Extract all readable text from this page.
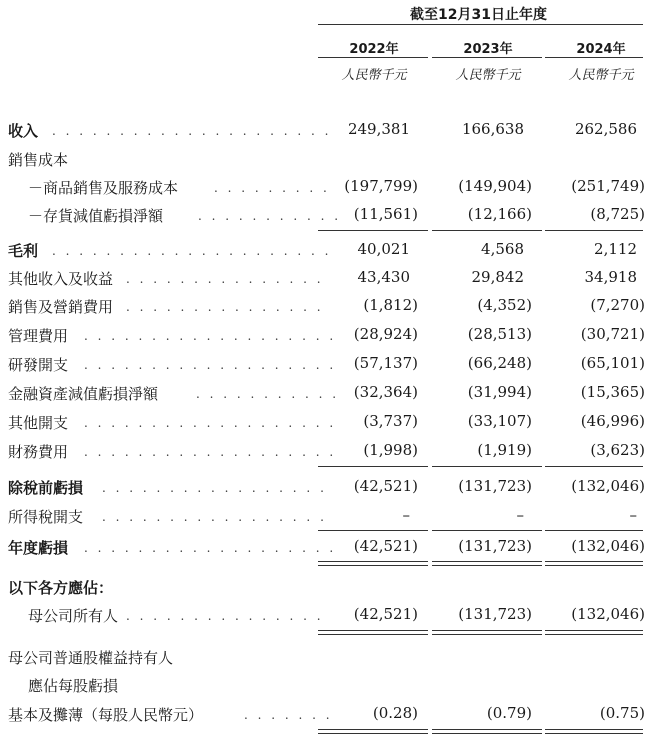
截至12月31日止年度
2022年	2023年	2024年
人民幣千元	人民幣千元	人民幣千元
收入 . . . . . . . . . . . . . . . . . . . . .	249,381	166,638	262,586
銷售成本
－商品銷售及服務成本	. . . . . . . . . (197,799)	(149,904)	(251,749)
－存貨減值虧損淨額	. . . . . . . . . . . (11,561)	(12,166)	(8,725)
毛利 . . . . . . . . . . . . . . . . . . . . .	40,021	4,568	2,112
其他收入及收益 . . . . . . . . . . . . . . .	43,430	29,842	34,918
銷售及營銷費用 . . . . . . . . . . . . . . .	(1,812)	(4,352)	(7,270)
管理費用 . . . . . . . . . . . . . . . . . . .	(28,924)	(28,513)	(30,721)
研發開支 . . . . . . . . . . . . . . . . . . .	(57,137)	(66,248)	(65,101)
金融資產減值虧損淨額	. . . . . . . . . . . (32,364)	(31,994)	(15,365)
其他開支 . . . . . . . . . . . . . . . . . . .	(3,737)	(33,107)	(46,996)
財務費用 . . . . . . . . . . . . . . . . . . .	(1,998)	(1,919)	(3,623)
除稅前虧損 . . . . . . . . . . . . . . . . .	(42,521)	(131,723)	(132,046)
所得稅開支 . . . . . . . . . . . . . . . . .	–	–	–
年度虧損 . . . . . . . . . . . . . . . . . . .	(42,521)	(131,723)	(132,046)
以下各方應佔：
母公司所有人 . . . . . . . . . . . . . . .	(42,521)	(131,723)	(132,046)
母公司普通股權益持有人
應佔每股虧損
基本及攤薄（每股人民幣元）	. . . . . . .	(0.28)	(0.79)	(0.75)
